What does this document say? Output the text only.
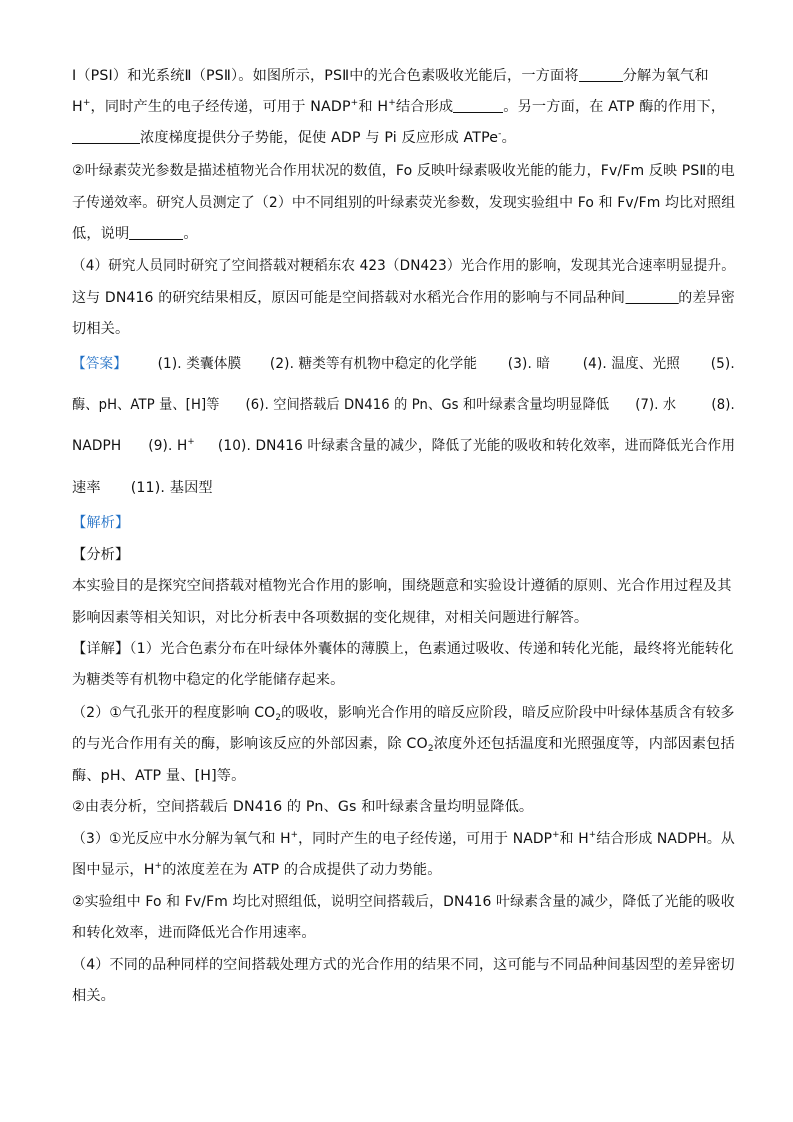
Ⅰ（PSⅠ）和光系统Ⅱ（PSⅡ）。如图所示，PSⅡ中的光合色素吸收光能后，一方面将	分解为氧气和
H+，同时产生的电子经传递，可用于 NADP+和 H+结合形成	。另一方面，在 ATP 酶的作用下，
浓度梯度提供分子势能，促使 ADP 与 Pi 反应形成 ATPe-。
②叶绿素荧光参数是描述植物光合作用状况的数值，Fo 反映叶绿素吸收光能的能力，Fv/Fm 反映 PSⅡ的电
子传递效率。研究人员测定了（2）中不同组别的叶绿素荧光参数，发现实验组中 Fo 和 Fv/Fm 均比对照组
低，说明	。
（4）研究人员同时研究了空间搭载对粳稻东农 423（DN423）光合作用的影响，发现其光合速率明显提升。
这与 DN416 的研究结果相反，原因可能是空间搭载对水稻光合作用的影响与不同品种间	的差异密
切相关。
【答案】 (1). 类囊体膜 (2). 糖类等有机物中稳定的化学能 (3). 暗 (4). 温度、光照 (5).
酶、pH、ATP 量、[H]等 (6). 空间搭载后 DN416 的 Pn、Gs 和叶绿素含量均明显降低 (7). 水 (8).
NADPH (9). H+ (10). DN416 叶绿素含量的减少，降低了光能的吸收和转化效率，进而降低光合作用
速率 (11). 基因型
【解析】
【分析】
本实验目的是探究空间搭载对植物光合作用的影响，围绕题意和实验设计遵循的原则、光合作用过程及其
影响因素等相关知识，对比分析表中各项数据的变化规律，对相关问题进行解答。
【详解】（1）光合色素分布在叶绿体外囊体的薄膜上，色素通过吸收、传递和转化光能，最终将光能转化
为糖类等有机物中稳定的化学能储存起来。
（2）①气孔张开的程度影响 $CO_2$的吸收，影响光合作用的暗反应阶段，暗反应阶段中叶绿体基质含有较多
的与光合作用有关的酶，影响该反应的外部因素，除 $CO_2$浓度外还包括温度和光照强度等，内部因素包括
酶、pH、ATP 量、[H]等。
②由表分析，空间搭载后 DN416 的 Pn、Gs 和叶绿素含量均明显降低。
（3）①光反应中水分解为氧气和 H+，同时产生的电子经传递，可用于 NADP+和 H+结合形成 NADPH。从
图中显示，H+的浓度差在为 ATP 的合成提供了动力势能。
②实验组中 Fo 和 Fv/Fm 均比对照组低，说明空间搭载后，DN416 叶绿素含量的减少，降低了光能的吸收
和转化效率，进而降低光合作用速率。
（4）不同的品种同样的空间搭载处理方式的光合作用的结果不同，这可能与不同品种间基因型的差异密切
相关。
